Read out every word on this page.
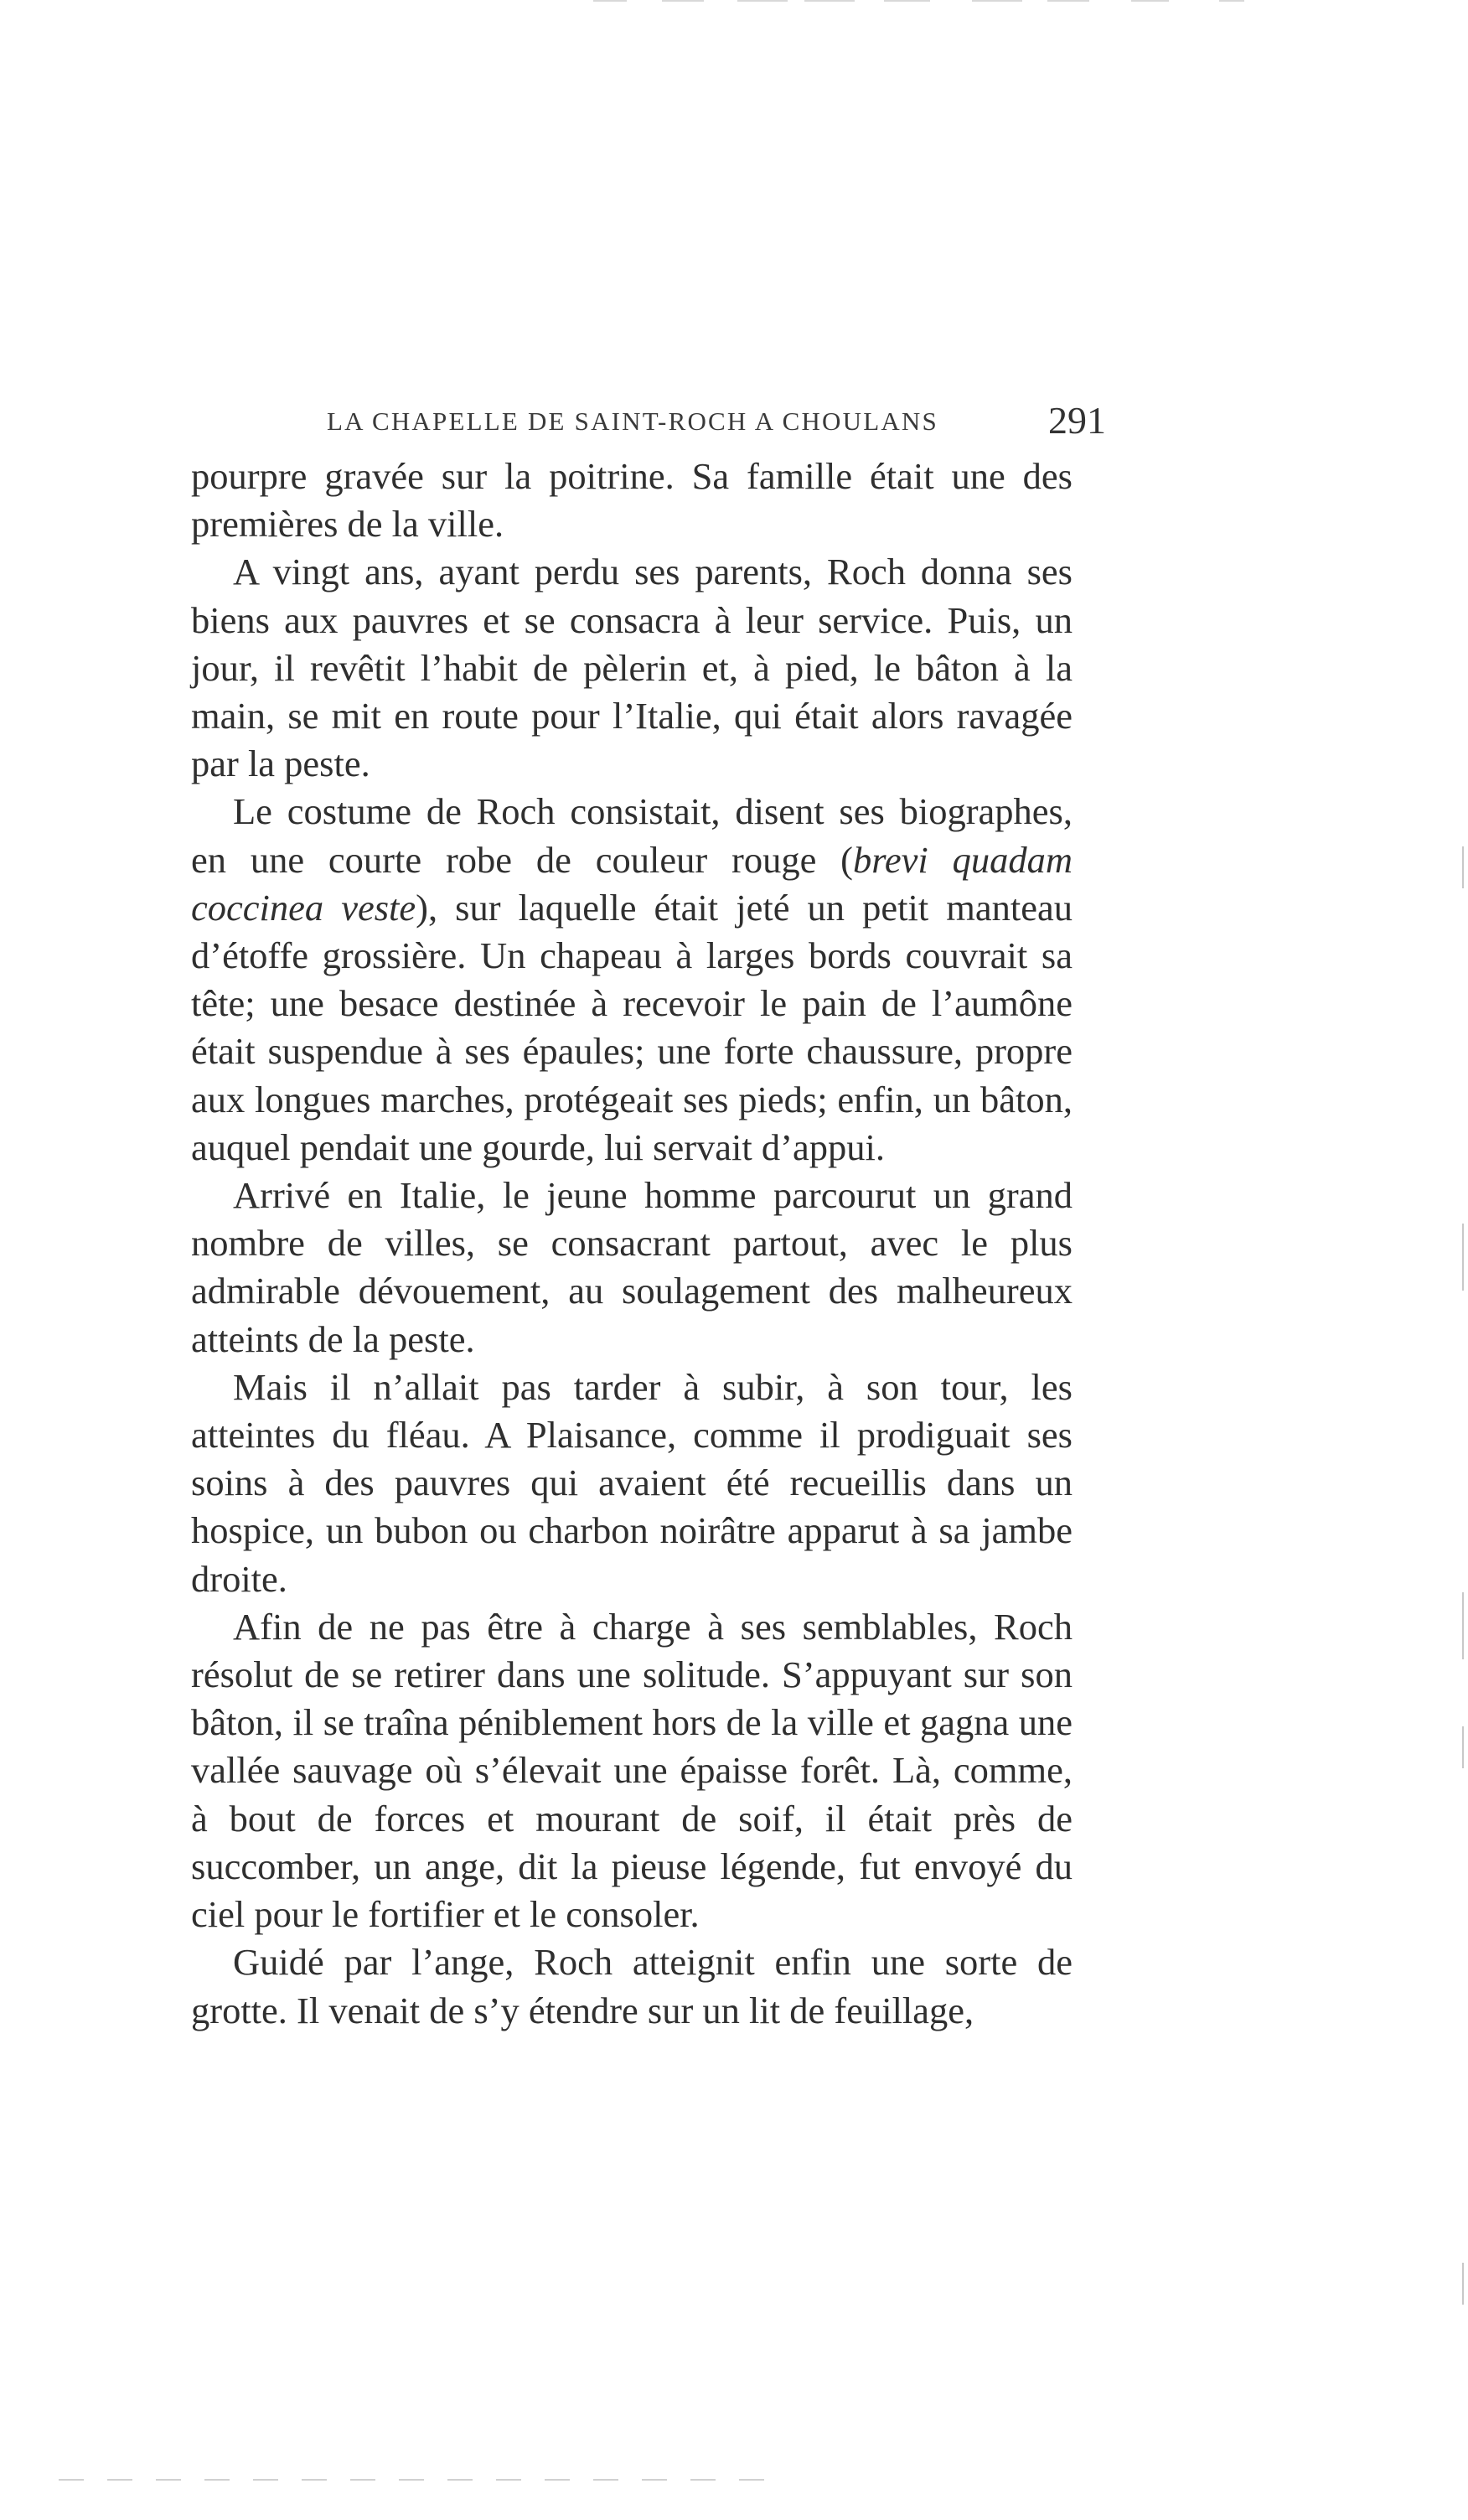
LA CHAPELLE DE SAINT-ROCH A CHOULANS	291

pourpre gravée sur la poitrine. Sa famille était une des premières de la ville.

A vingt ans, ayant perdu ses parents, Roch donna ses biens aux pauvres et se consacra à leur service. Puis, un jour, il revêtit l’habit de pèlerin et, à pied, le bâton à la main, se mit en route pour l’Italie, qui était alors ravagée par la peste.

Le costume de Roch consistait, disent ses biographes, en une courte robe de couleur rouge (brevi quadam coccinea veste), sur laquelle était jeté un petit manteau d’étoffe grossière. Un chapeau à larges bords couvrait sa tête; une besace destinée à recevoir le pain de l’aumône était suspendue à ses épaules; une forte chaussure, propre aux longues marches, protégeait ses pieds; enfin, un bâton, auquel pendait une gourde, lui servait d’appui.

Arrivé en Italie, le jeune homme parcourut un grand nombre de villes, se consacrant partout, avec le plus admirable dévouement, au soulagement des malheureux atteints de la peste.

Mais il n’allait pas tarder à subir, à son tour, les atteintes du fléau. A Plaisance, comme il prodiguait ses soins à des pauvres qui avaient été recueillis dans un hospice, un bubon ou charbon noirâtre apparut à sa jambe droite.

Afin de ne pas être à charge à ses semblables, Roch résolut de se retirer dans une solitude. S’appuyant sur son bâton, il se traîna péniblement hors de la ville et gagna une vallée sauvage où s’élevait une épaisse forêt. Là, comme, à bout de forces et mourant de soif, il était près de succomber, un ange, dit la pieuse légende, fut envoyé du ciel pour le fortifier et le consoler.

Guidé par l’ange, Roch atteignit enfin une sorte de grotte. Il venait de s’y étendre sur un lit de feuillage,
